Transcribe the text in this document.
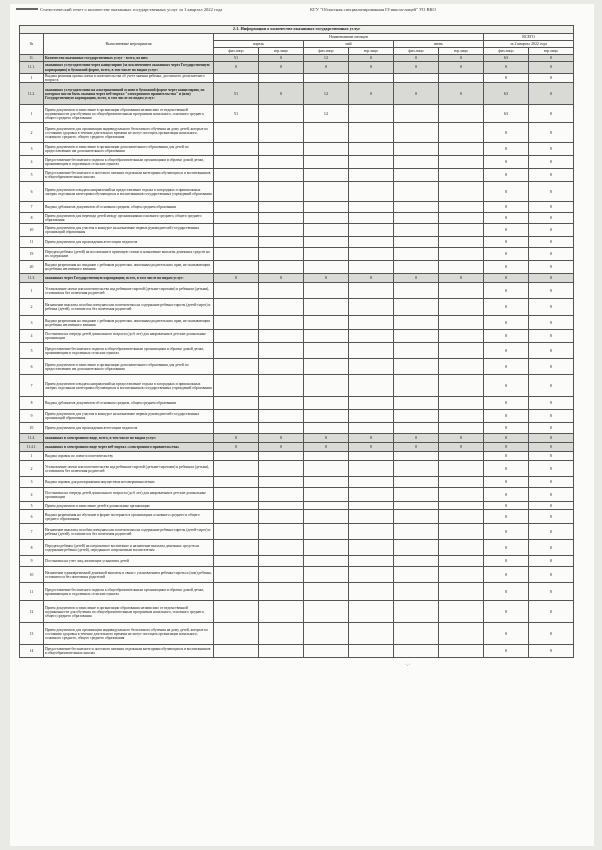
Статистический отчет о количестве оказанных государственных услуг за 1 квартал 2022 года	КГУ "Областная специализированная IT-школа-лицей" УО ВКО
2.1. Информация о количестве оказанных государственных услуг									
№	Выполненные мероприятия	Наименование месяцев						ВСЕГО	
		апрель		май		июнь		за 2 квартал 2022 года	
		физ.лицо	юр.лицо	физ.лицо	юр.лицо	физ.лицо	юр.лицо	физ.лицо	юр.лицо
11.	Количество оказанных государственных услуг - всего, из них:	51	0	12	0	0	0	63	0
11.1.	оказанных услугодателями через канцелярию (за исключением оказанных через Государственную корпорацию) в бумажной форме, всего, в том числе по видам услуг:	0	0	0	0	0	0	0	0
1	Выдача решения органа опеки и попечительства об учете мнения ребенка, достигшего десятилетнего возраста							0	0
11.2.	оказанных услугодателями на альтернативной основе в бумажной форме через канцелярию, по которым могли быть оказаны через веб-портал "электронного правительства" и (или) Государственную корпорацию, всего, в том числе по видам услуг:	51	0	12	0	0	0	63	0
1	Прием документов и зачисление в организации образования независимо от ведомственной подчиненности для обучения по общеобразовательным программам начального, основного среднего, общего среднего образования	51		12				63	0
2	Прием документов для организации индивидуального бесплатного обучения на дому детей, которые по состоянию здоровья в течение длительного времени не могут посещать организации начального, основного среднего, общего среднего образования							0	0
3	Прием документов и зачисление в организации дополнительного образования для детей по предоставлению им дополнительного образования							0	0
4	Предоставление бесплатного подвоза к общеобразовательным организациям и обратно домой детям, проживающим в отдаленных сельских пунктах							0	0
5	Предоставление бесплатного и льготного питания отдельным категориям обучающихся и воспитанников в общеобразовательных школах							0	0
6	Прием документов и выдача направлений на предоставление отдыха в загородных и пришкольных лагерях отдельным категориям обучающихся и воспитанников государственных учреждений образования							0	0
7	Выдача дубликатов документов об основном среднем, общем среднем образовании							0	0
8	Прием документов для перевода детей между организациями основного среднего, общего среднего образования							0	0
10	Прием документов для участия в конкурсе на назначение первых руководителей государственных организаций образования							0	0
11	Прием документов для прохождения аттестации педагогов							0	0
19	Передача ребенка (детей) на воспитание в приемную семью и назначение выплаты денежных средств на их содержание							0	0
20	Выдача разрешения на свидание с ребенком родителям, лишенным родительских прав, не оказывающим на ребенка негативного влияния							0	0
11.3.	оказанных через Государственную корпорацию, всего, в том числе по видам услуг:	0	0	0	0	0	0	0	0
1	Установление опеки или попечительства над ребенком-сиротой (детьми-сиротами) и ребенком (детьми), оставшимся без попечения родителей							0	0
2	Назначение выплаты пособия опекунам или попечителям на содержание ребенка-сироты (детей-сирот) и ребенка (детей), оставшегося без попечения родителей							0	0
3	Выдача разрешения на свидание с ребенком родителям, лишенным родительских прав, не оказывающим на ребенка негативного влияния							0	0
4	Постановка на очередь детей дошкольного возраста (до 6 лет) для направления в детские дошкольные организации							0	0
5	Предоставление бесплатного подвоза к общеобразовательным организациям и обратно домой детям, проживающим в отдаленных сельских пунктах							0	0
6	Прием документов и зачисление в организации дополнительного образования для детей по предоставлению им дополнительного образования							0	0
7	Прием документов и выдача направлений на предоставление отдыха в загородных и пришкольных лагерях отдельным категориям обучающихся и воспитанников государственных учреждений образования							0	0
8	Выдача дубликатов документов об основном среднем, общем среднем образовании							0	0
9	Прием документов для участия в конкурсе на назначение первых руководителей государственных организаций образования							0	0
10	Прием документов для прохождения аттестации педагогов							0	0
11.4.	оказанных в электронном виде, всего, в том числе по видам услуг:	0	0	0	0	0	0	0	0
11.4.1.	оказанных в электронном виде через веб-портал «электронного правительства»	0	0	0	0	0	0	0	0
1	Выдача справок по опеке и попечительству							0	0
2	Установление опеки или попечительства над ребенком-сиротой (детьми-сиротами) и ребенком (детьми), оставшимся без попечения родителей							0	0
3	Выдача справок для распоряжения имуществом несовершеннолетних							0	0
4	Постановка на очередь детей дошкольного возраста (до 6 лет) для направления в детские дошкольные организации							0	0
5	Прием документов и зачисление детей в дошкольные организации							0	0
6	Выдача разрешения на обучение в форме экстерната в организациях основного среднего и общего среднего образования							0	0
7	Назначение выплаты пособия опекунам или попечителям на содержание ребенка-сироты (детей-сирот) и ребенка (детей), оставшегося без попечения родителей							0	0
8	Передача ребенка (детей) на патронатное воспитание и назначение выплаты денежных средств на содержание ребенка (детей), переданного патронатным воспитателям							0	0
9	Постановка на учет лиц, желающих усыновить детей							0	0
10	Назначение единовременной денежной выплаты в связи с усыновлением ребенка-сироты и (или) ребенка, оставшегося без попечения родителей							0	0
11	Предоставление бесплатного подвоза к общеобразовательным организациям и обратно домой детям, проживающим в отдаленных сельских пунктах							0	0
12	Прием документов и зачисление в организации образования независимо от ведомственной подчиненности для обучения по общеобразовательным программам начального, основного среднего, общего среднего образования							0	0
13	Прием документов для организации индивидуального бесплатного обучения на дому детей, которые по состоянию здоровья в течение длительного времени не могут посещать организации начального, основного среднего, общего среднего образования							0	0
14	Предоставление бесплатного и льготного питания отдельным категориям обучающихся и воспитанников в общеобразовательных школах							0	0
·.·
